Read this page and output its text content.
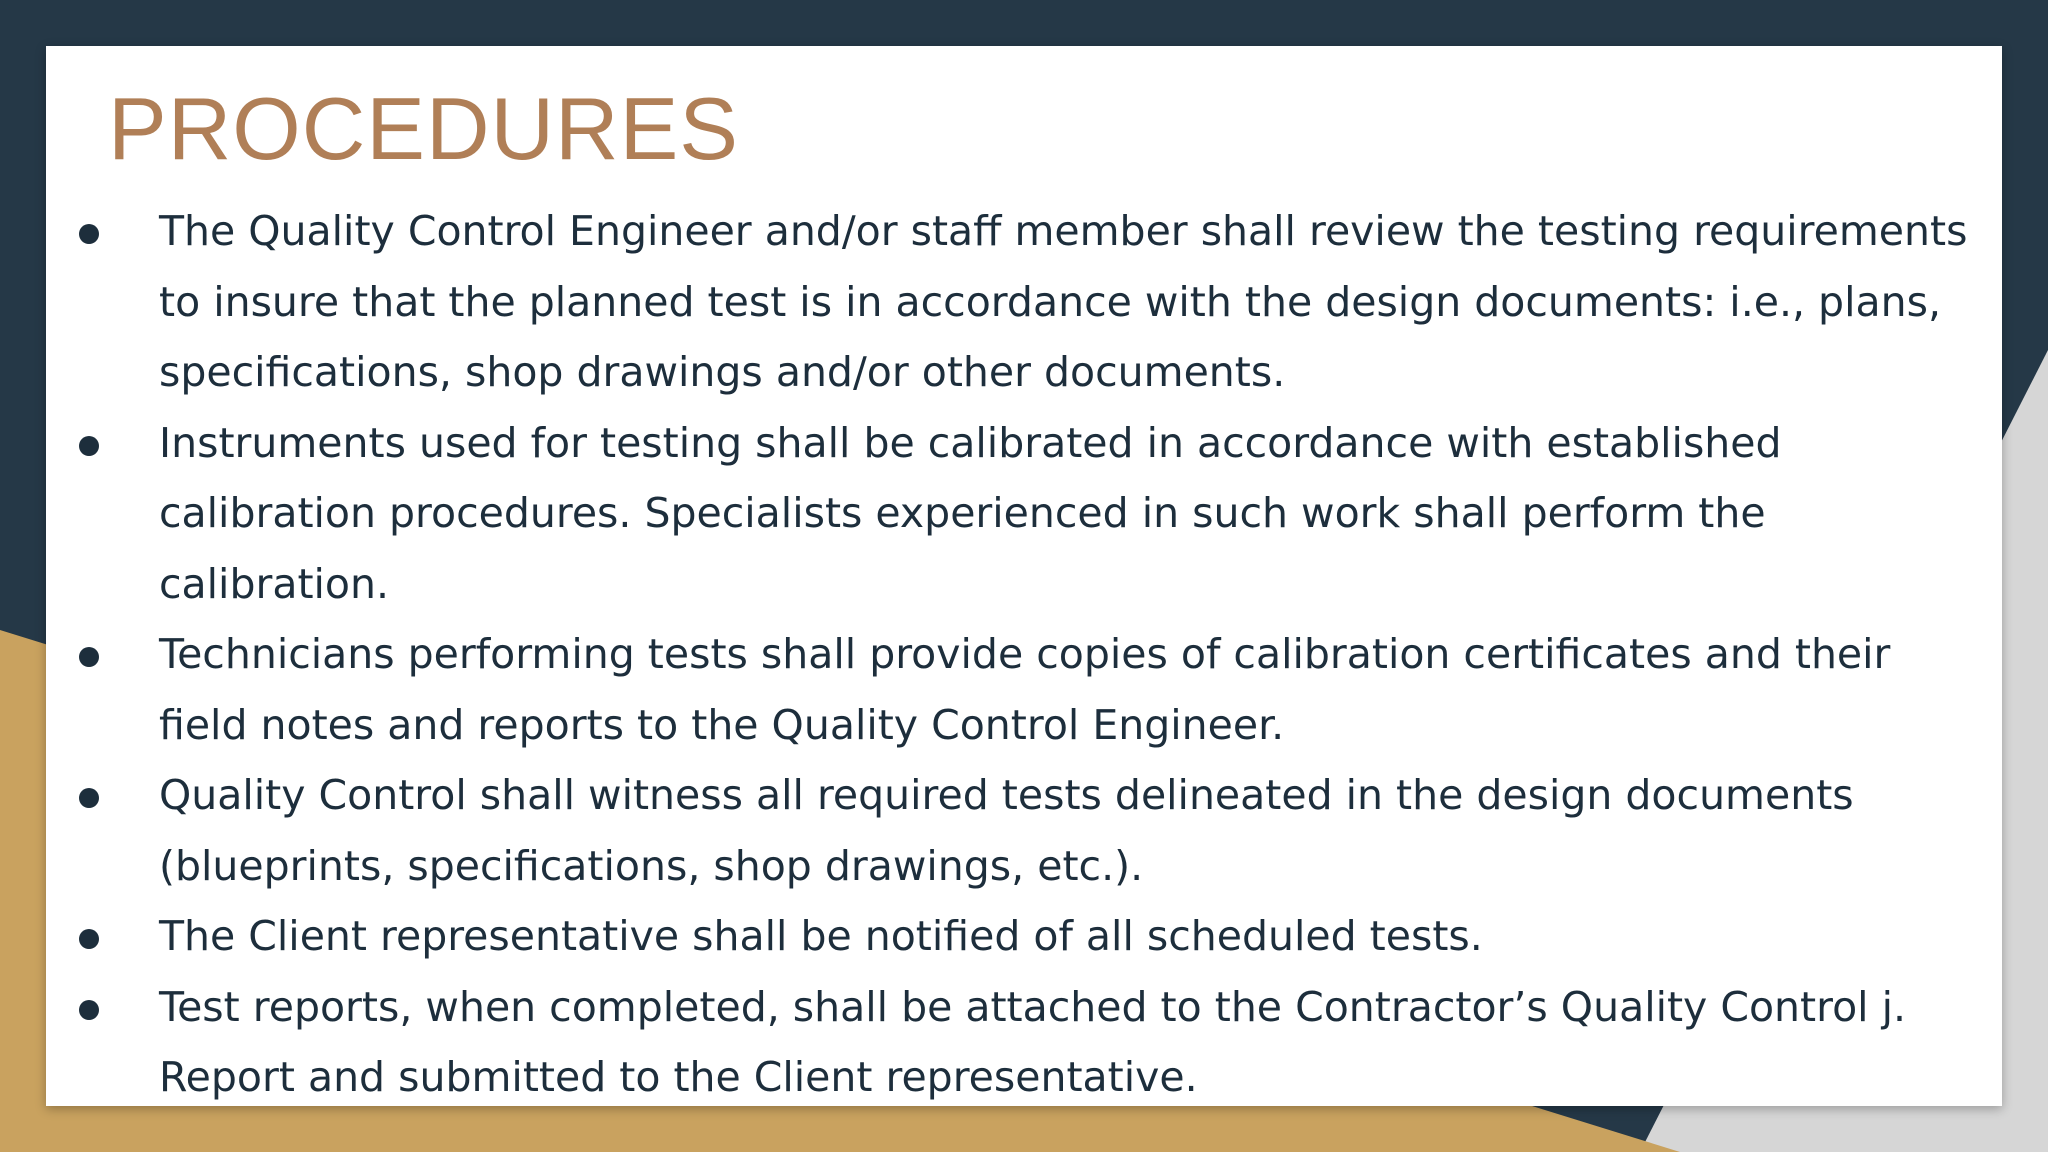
PROCEDURES
The Quality Control Engineer and/or staff member shall review the testing requirements to insure that the planned test is in accordance with the design documents: i.e., plans, specifications, shop drawings and/or other documents.
Instruments used for testing shall be calibrated in accordance with established calibration procedures. Specialists experienced in such work shall perform the calibration.
Technicians performing tests shall provide copies of calibration certificates and their field notes and reports to the Quality Control Engineer.
Quality Control shall witness all required tests delineated in the design documents (blueprints, specifications, shop drawings, etc.).
The Client representative shall be notified of all scheduled tests.
Test reports, when completed, shall be attached to the Contractor’s Quality Control j. Report and submitted to the Client representative.
